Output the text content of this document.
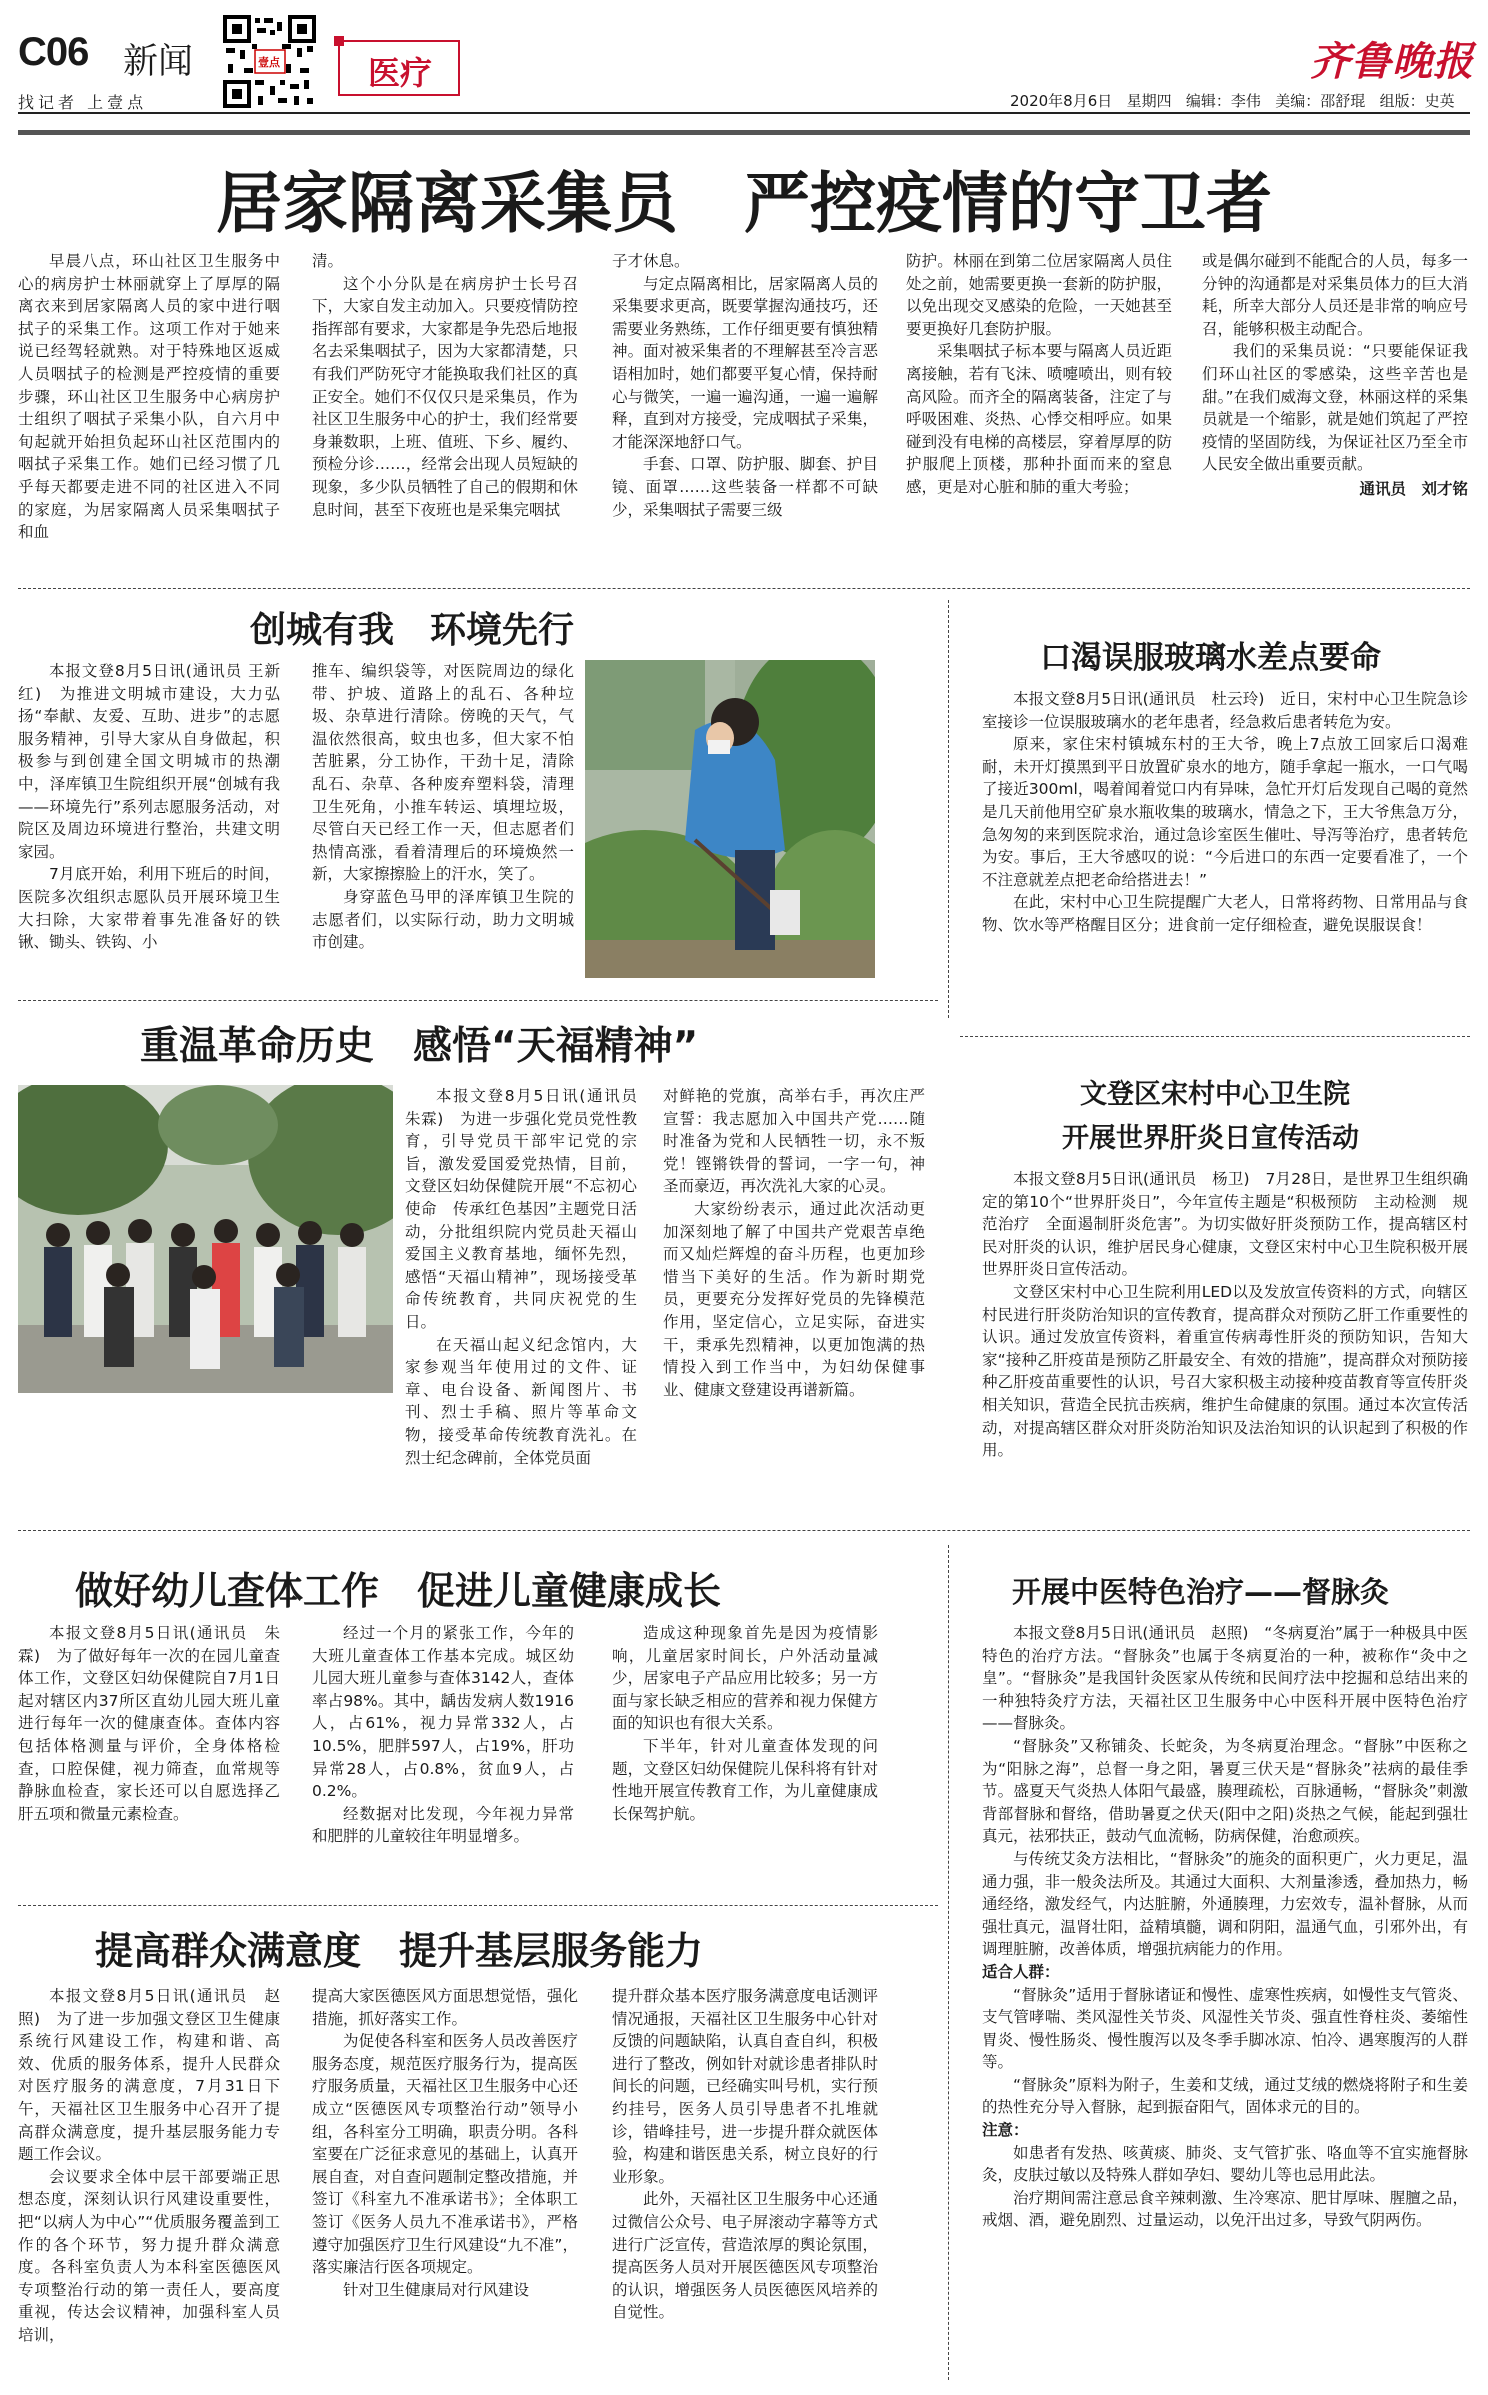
C06 新闻
找记者 上壹点
壹点	医疗	齐鲁晚报
2020年8月6日 星期四 编辑：李伟 美编：邵舒琨 组版：史英
居家隔离采集员　严控疫情的守卫者

早晨八点，环山社区卫生服务中心的病房护士林丽就穿上了厚厚的隔离衣来到居家隔离人员的家中进行咽拭子的采集工作。这项工作对于她来说已经驾轻就熟。对于特殊地区返威人员咽拭子的检测是严控疫情的重要步骤，环山社区卫生服务中心病房护士组织了咽拭子采集小队，自六月中旬起就开始担负起环山社区范围内的咽拭子采集工作。她们已经习惯了几乎每天都要走进不同的社区进入不同的家庭，为居家隔离人员采集咽拭子和血

清。

这个小分队是在病房护士长号召下，大家自发主动加入。只要疫情防控指挥部有要求，大家都是争先恐后地报名去采集咽拭子，因为大家都清楚，只有我们严防死守才能换取我们社区的真正安全。她们不仅仅只是采集员，作为社区卫生服务中心的护士，我们经常要身兼数职，上班、值班、下乡、履约、预检分诊……，经常会出现人员短缺的现象，多少队员牺牲了自己的假期和休息时间，甚至下夜班也是采集完咽拭

子才休息。

与定点隔离相比，居家隔离人员的采集要求更高，既要掌握沟通技巧，还需要业务熟练，工作仔细更要有慎独精神。面对被采集者的不理解甚至冷言恶语相加时，她们都要平复心情，保持耐心与微笑，一遍一遍沟通，一遍一遍解释，直到对方接受，完成咽拭子采集，才能深深地舒口气。

手套、口罩、防护服、脚套、护目镜、面罩……这些装备一样都不可缺少，采集咽拭子需要三级

防护。林丽在到第二位居家隔离人员住处之前，她需要更换一套新的防护服，以免出现交叉感染的危险，一天她甚至要更换好几套防护服。

采集咽拭子标本要与隔离人员近距离接触，若有飞沫、喷嚏喷出，则有较高风险。而齐全的隔离装备，注定了与呼吸困难、炎热、心悸交相呼应。如果碰到没有电梯的高楼层，穿着厚厚的防护服爬上顶楼，那种扑面而来的窒息感，更是对心脏和肺的重大考验；

或是偶尔碰到不能配合的人员，每多一分钟的沟通都是对采集员体力的巨大消耗，所幸大部分人员还是非常的响应号召，能够积极主动配合。

我们的采集员说：“只要能保证我们环山社区的零感染，这些辛苦也是甜。”在我们威海文登，林丽这样的采集员就是一个缩影，就是她们筑起了严控疫情的坚固防线，为保证社区乃至全市人民安全做出重要贡献。

通讯员　刘才铭

创城有我　环境先行

本报文登8月5日讯(通讯员 王新红)　为推进文明城市建设，大力弘扬“奉献、友爱、互助、进步”的志愿服务精神，引导大家从自身做起，积极参与到创建全国文明城市的热潮中，泽库镇卫生院组织开展“创城有我——环境先行”系列志愿服务活动，对院区及周边环境进行整治，共建文明家园。

7月底开始，利用下班后的时间，医院多次组织志愿队员开展环境卫生大扫除，大家带着事先准备好的铁锹、锄头、铁钩、小

推车、编织袋等，对医院周边的绿化带、护坡、道路上的乱石、各种垃圾、杂草进行清除。傍晚的天气，气温依然很高，蚊虫也多，但大家不怕苦脏累，分工协作，干劲十足，清除乱石、杂草、各种废弃塑料袋，清理卫生死角，小推车转运、填埋垃圾，尽管白天已经工作一天，但志愿者们热情高涨，看着清理后的环境焕然一新，大家擦擦脸上的汗水，笑了。

身穿蓝色马甲的泽库镇卫生院的志愿者们，以实际行动，助力文明城市创建。

口渴误服玻璃水差点要命

本报文登8月5日讯(通讯员　杜云玲)　近日，宋村中心卫生院急诊室接诊一位误服玻璃水的老年患者，经急救后患者转危为安。

原来，家住宋村镇城东村的王大爷，晚上7点放工回家后口渴难耐，未开灯摸黑到平日放置矿泉水的地方，随手拿起一瓶水，一口气喝了接近300ml，喝着闻着觉口内有异味，急忙开灯后发现自己喝的竟然是几天前他用空矿泉水瓶收集的玻璃水，情急之下，王大爷焦急万分，急匆匆的来到医院求治，通过急诊室医生催吐、导泻等治疗，患者转危为安。事后，王大爷感叹的说：“今后进口的东西一定要看准了，一个不注意就差点把老命给搭进去！”

在此，宋村中心卫生院提醒广大老人，日常将药物、日常用品与食物、饮水等严格醒目区分；进食前一定仔细检查，避免误服误食！

重温革命历史　感悟“天福精神”

本报文登8月5日讯(通讯员　朱霖)　为进一步强化党员党性教育，引导党员干部牢记党的宗旨，激发爱国爱党热情，目前，文登区妇幼保健院开展“不忘初心使命　传承红色基因”主题党日活动，分批组织院内党员赴天福山爱国主义教育基地，缅怀先烈，感悟“天福山精神”，现场接受革命传统教育，共同庆祝党的生日。

在天福山起义纪念馆内，大家参观当年使用过的文件、证章、电台设备、新闻图片、书刊、烈士手稿、照片等革命文物，接受革命传统教育洗礼。在烈士纪念碑前，全体党员面

对鲜艳的党旗，高举右手，再次庄严宣誓：我志愿加入中国共产党……随时准备为党和人民牺牲一切，永不叛党！铿锵铁骨的誓词，一字一句，神圣而豪迈，再次洗礼大家的心灵。

大家纷纷表示，通过此次活动更加深刻地了解了中国共产党艰苦卓绝而又灿烂辉煌的奋斗历程，也更加珍惜当下美好的生活。作为新时期党员，更要充分发挥好党员的先锋模范作用，坚定信心，立足实际，奋进实干，秉承先烈精神，以更加饱满的热情投入到工作当中，为妇幼保健事业、健康文登建设再谱新篇。

文登区宋村中心卫生院
开展世界肝炎日宣传活动

本报文登8月5日讯(通讯员　杨卫)　7月28日，是世界卫生组织确定的第10个“世界肝炎日”，今年宣传主题是“积极预防　主动检测　规范治疗　全面遏制肝炎危害”。为切实做好肝炎预防工作，提高辖区村民对肝炎的认识，维护居民身心健康，文登区宋村中心卫生院积极开展世界肝炎日宣传活动。

文登区宋村中心卫生院利用LED以及发放宣传资料的方式，向辖区村民进行肝炎防治知识的宣传教育，提高群众对预防乙肝工作重要性的认识。通过发放宣传资料，着重宣传病毒性肝炎的预防知识，告知大家“接种乙肝疫苗是预防乙肝最安全、有效的措施”，提高群众对预防接种乙肝疫苗重要性的认识，号召大家积极主动接种疫苗教育等宣传肝炎相关知识，营造全民抗击疾病，维护生命健康的氛围。通过本次宣传活动，对提高辖区群众对肝炎防治知识及法治知识的认识起到了积极的作用。

做好幼儿查体工作　促进儿童健康成长

本报文登8月5日讯(通讯员　朱霖)　为了做好每年一次的在园儿童查体工作，文登区妇幼保健院自7月1日起对辖区内37所区直幼儿园大班儿童进行每年一次的健康查体。查体内容包括体格测量与评价，全身体格检查，口腔保健，视力筛查，血常规等静脉血检查，家长还可以自愿选择乙肝五项和微量元素检查。

经过一个月的紧张工作，今年的大班儿童查体工作基本完成。城区幼儿园大班儿童参与查体3142人，查体率占98%。其中，龋齿发病人数1916人，占61%，视力异常332人，占10.5%，肥胖597人，占19%，肝功异常28人，占0.8%，贫血9人，占0.2%。

经数据对比发现，今年视力异常和肥胖的儿童较往年明显增多。

造成这种现象首先是因为疫情影响，儿童居家时间长，户外活动量减少，居家电子产品应用比较多；另一方面与家长缺乏相应的营养和视力保健方面的知识也有很大关系。

下半年，针对儿童查体发现的问题，文登区妇幼保健院儿保科将有针对性地开展宣传教育工作，为儿童健康成长保驾护航。

提高群众满意度　提升基层服务能力

本报文登8月5日讯(通讯员　赵照)　为了进一步加强文登区卫生健康系统行风建设工作，构建和谐、高效、优质的服务体系，提升人民群众对医疗服务的满意度，7月31日下午，天福社区卫生服务中心召开了提高群众满意度，提升基层服务能力专题工作会议。

会议要求全体中层干部要端正思想态度，深刻认识行风建设重要性，把“以病人为中心”“优质服务覆盖到工作的各个环节，努力提升群众满意度。各科室负责人为本科室医德医风专项整治行动的第一责任人，要高度重视，传达会议精神，加强科室人员培训，

提高大家医德医风方面思想觉悟，强化措施，抓好落实工作。

为促使各科室和医务人员改善医疗服务态度，规范医疗服务行为，提高医疗服务质量，天福社区卫生服务中心还成立“医德医风专项整治行动”领导小组，各科室分工明确，职责分明。各科室要在广泛征求意见的基础上，认真开展自查，对自查问题制定整改措施，并签订《科室九不准承诺书》；全体职工签订《医务人员九不准承诺书》，严格遵守加强医疗卫生行风建设“九不准”，落实廉洁行医各项规定。

针对卫生健康局对行风建设

提升群众基本医疗服务满意度电话测评情况通报，天福社区卫生服务中心针对反馈的问题缺陷，认真自查自纠，积极进行了整改，例如针对就诊患者排队时间长的问题，已经确实叫号机，实行预约挂号，医务人员引导患者不扎堆就诊，错峰挂号，进一步提升群众就医体验，构建和谐医患关系，树立良好的行业形象。

此外，天福社区卫生服务中心还通过微信公众号、电子屏滚动字幕等方式进行广泛宣传，营造浓厚的舆论氛围，提高医务人员对开展医德医风专项整治的认识，增强医务人员医德医风培养的自觉性。

开展中医特色治疗——督脉灸

本报文登8月5日讯(通讯员　赵照)　“冬病夏治”属于一种极具中医特色的治疗方法。“督脉灸”也属于冬病夏治的一种，被称作“灸中之皇”。“督脉灸”是我国针灸医家从传统和民间疗法中挖掘和总结出来的一种独特灸疗方法，天福社区卫生服务中心中医科开展中医特色治疗——督脉灸。

“督脉灸”又称铺灸、长蛇灸，为冬病夏治理念。“督脉”中医称之为“阳脉之海”，总督一身之阳，暑夏三伏天是“督脉灸”祛病的最佳季节。盛夏天气炎热人体阳气最盛，腠理疏松，百脉通畅，“督脉灸”刺激背部督脉和督络，借助暑夏之伏天(阳中之阳)炎热之气候，能起到强壮真元，祛邪扶正，鼓动气血流畅，防病保健，治愈顽疾。

与传统艾灸方法相比，“督脉灸”的施灸的面积更广，火力更足，温通力强，非一般灸法所及。其通过大面积、大剂量渗透，叠加热力，畅通经络，激发经气，内达脏腑，外通腠理，力宏效专，温补督脉，从而强壮真元，温肾壮阳，益精填髓，调和阴阳，温通气血，引邪外出，有调理脏腑，改善体质，增强抗病能力的作用。

适合人群：

“督脉灸”适用于督脉诸证和慢性、虚寒性疾病，如慢性支气管炎、支气管哮喘、类风湿性关节炎、风湿性关节炎、强直性脊柱炎、萎缩性胃炎、慢性肠炎、慢性腹泻以及冬季手脚冰凉、怕冷、遇寒腹泻的人群等。

“督脉灸”原料为附子，生姜和艾绒，通过艾绒的燃烧将附子和生姜的热性充分导入督脉，起到振奋阳气，固体求元的目的。

注意：

如患者有发热、咳黄痰、肺炎、支气管扩张、咯血等不宜实施督脉灸，皮肤过敏以及特殊人群如孕妇、婴幼儿等也忌用此法。

治疗期间需注意忌食辛辣刺激、生冷寒凉、肥甘厚味、腥膻之品，戒烟、酒，避免剧烈、过量运动，以免汗出过多，导致气阴两伤。
